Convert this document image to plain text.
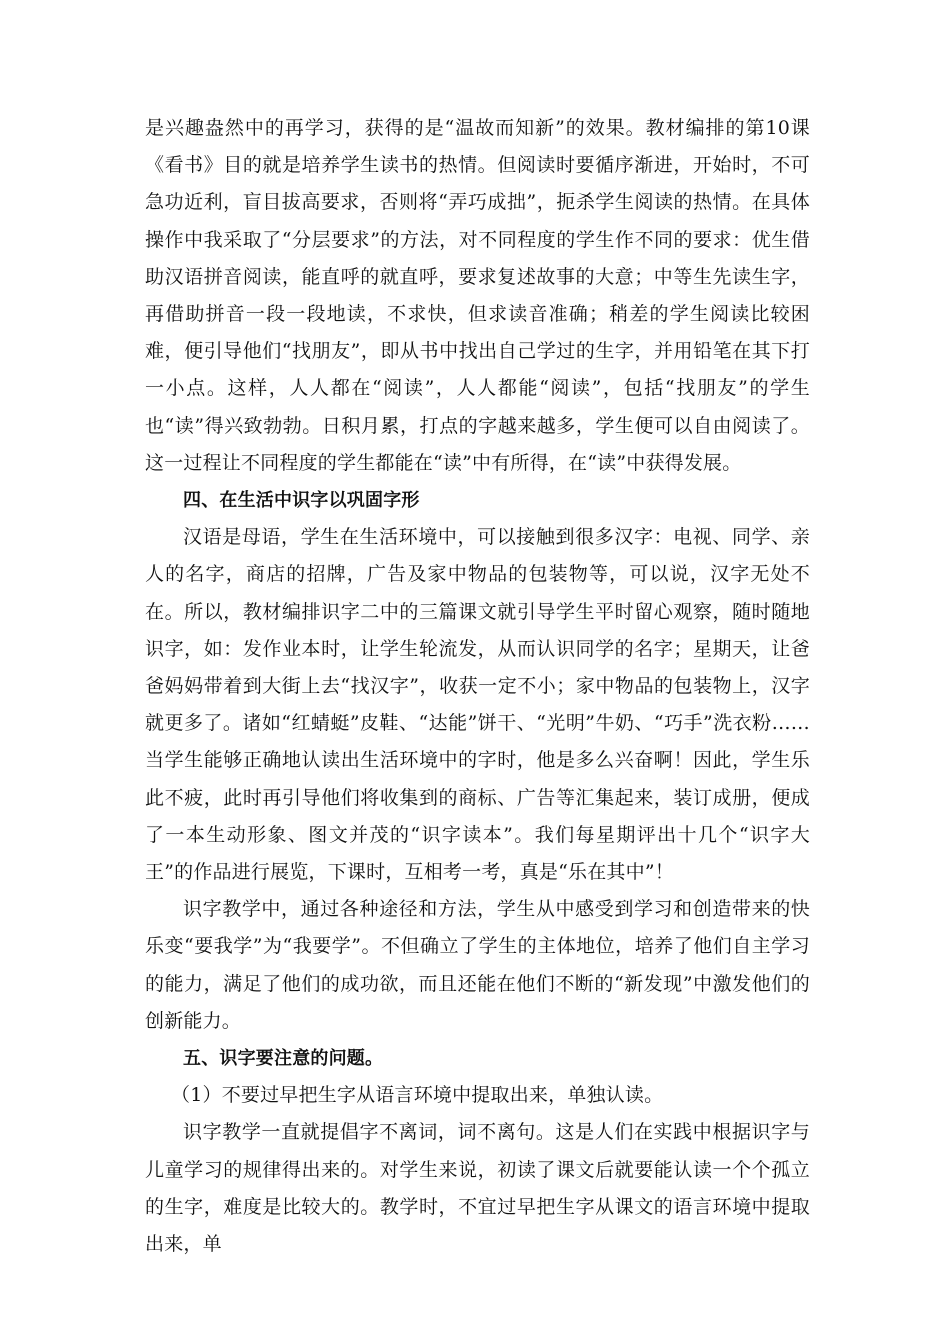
是兴趣盎然中的再学习，获得的是“温故而知新”的效果。教材编排的第10课《看书》目的就是培养学生读书的热情。但阅读时要循序渐进，开始时，不可急功近利，盲目拔高要求，否则将“弄巧成拙”，扼杀学生阅读的热情。在具体操作中我采取了“分层要求”的方法，对不同程度的学生作不同的要求：优生借助汉语拼音阅读，能直呼的就直呼，要求复述故事的大意；中等生先读生字，再借助拼音一段一段地读，不求快，但求读音准确；稍差的学生阅读比较困难，便引导他们“找朋友”，即从书中找出自己学过的生字，并用铅笔在其下打一小点。这样，人人都在“阅读”，人人都能“阅读”，包括“找朋友”的学生也“读”得兴致勃勃。日积月累，打点的字越来越多，学生便可以自由阅读了。这一过程让不同程度的学生都能在“读”中有所得，在“读”中获得发展。

四、在生活中识字以巩固字形

汉语是母语，学生在生活环境中，可以接触到很多汉字：电视、同学、亲人的名字，商店的招牌，广告及家中物品的包装物等，可以说，汉字无处不在。所以，教材编排识字二中的三篇课文就引导学生平时留心观察，随时随地识字，如：发作业本时，让学生轮流发，从而认识同学的名字；星期天，让爸爸妈妈带着到大街上去“找汉字”，收获一定不小；家中物品的包装物上，汉字就更多了。诸如“红蜻蜓”皮鞋、“达能”饼干、“光明”牛奶、“巧手”洗衣粉……当学生能够正确地认读出生活环境中的字时，他是多么兴奋啊！因此，学生乐此不疲，此时再引导他们将收集到的商标、广告等汇集起来，装订成册，便成了一本生动形象、图文并茂的“识字读本”。我们每星期评出十几个“识字大王”的作品进行展览，下课时，互相考一考，真是“乐在其中”！

识字教学中，通过各种途径和方法，学生从中感受到学习和创造带来的快乐变“要我学”为“我要学”。不但确立了学生的主体地位，培养了他们自主学习的能力，满足了他们的成功欲，而且还能在他们不断的“新发现”中激发他们的创新能力。

五、识字要注意的问题。

（1）不要过早把生字从语言环境中提取出来，单独认读。

识字教学一直就提倡字不离词，词不离句。这是人们在实践中根据识字与儿童学习的规律得出来的。对学生来说，初读了课文后就要能认读一个个孤立的生字，难度是比较大的。教学时，不宜过早把生字从课文的语言环境中提取出来，单
